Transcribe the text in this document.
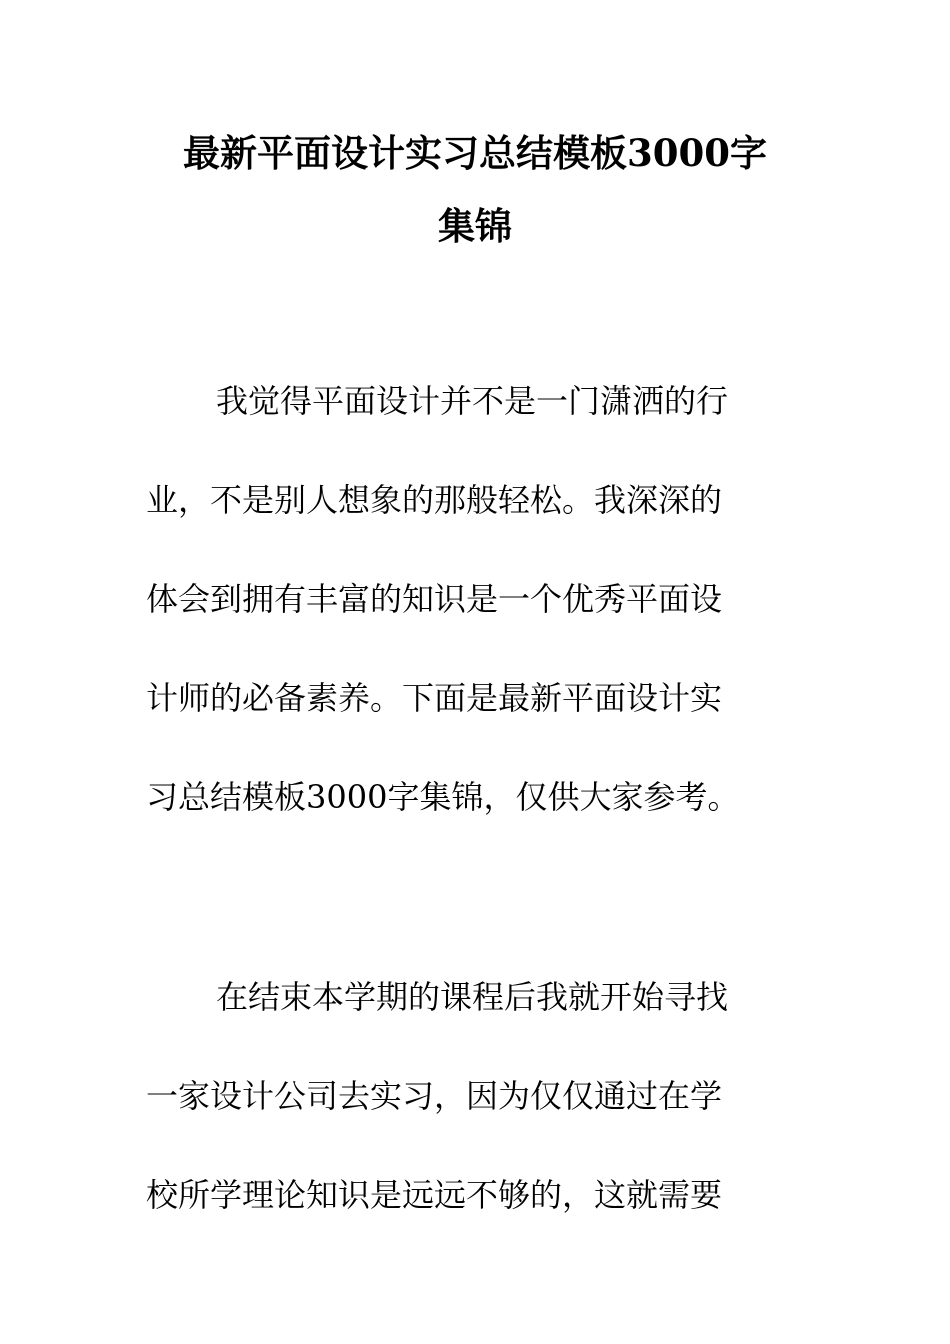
最新平面设计实习总结模板3000字
集锦
我觉得平面设计并不是一门潇洒的行
业，不是别人想象的那般轻松。我深深的
体会到拥有丰富的知识是一个优秀平面设
计师的必备素养。下面是最新平面设计实
习总结模板3000字集锦，仅供大家参考。
在结束本学期的课程后我就开始寻找
一家设计公司去实习，因为仅仅通过在学
校所学理论知识是远远不够的，这就需要
